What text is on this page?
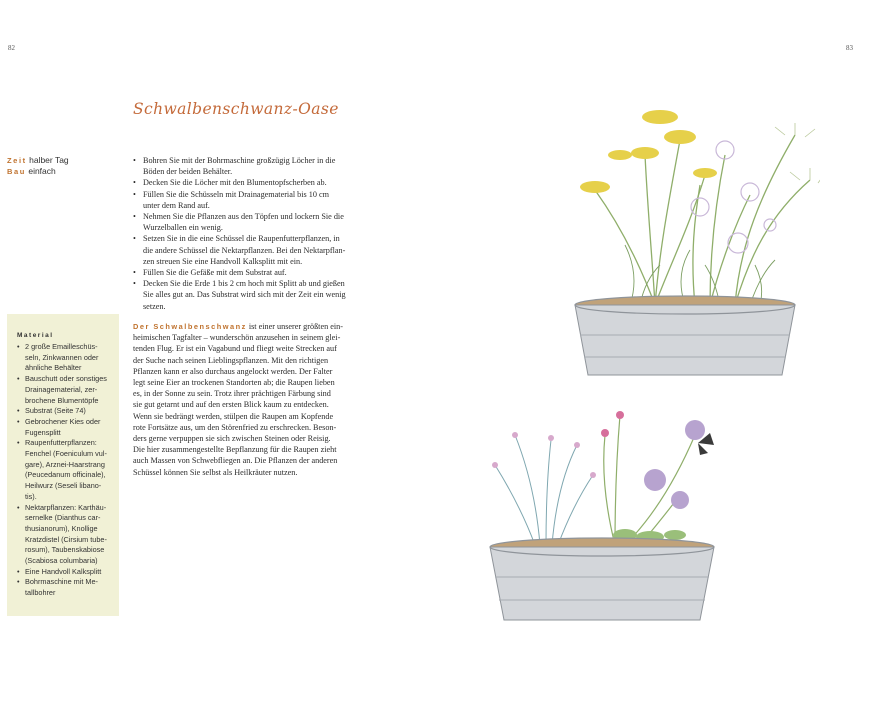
82	83
Schwalbenschwanz-Oase
Zeit halber Tag
Bau einfach
Material
• 2 große Emailleschüs-
seln, Zinkwannen oder
ähnliche Behälter
• Bauschutt oder sonstiges
Drainagematerial, zer-
brochene Blumentöpfe
• Substrat (Seite 74)
• Gebrochener Kies oder
Fugensplitt
• Raupenfutterpflanzen:
Fenchel (Foeniculum vul-
gare), Arznei-Haarstrang
(Peucedanum officinale),
Heilwurz (Seseli libano-
tis).
• Nektarpflanzen: Karthäu-
sernelke (Dianthus car-
thusianorum), Knollige
Kratzdistel (Cirsium tube-
rosum), Taubenskabiose
(Scabiosa columbaria)
• Eine Handvoll Kalksplitt
• Bohrmaschine mit Me-
tallbohrer
• Bohren Sie mit der Bohrmaschine großzügig Löcher in die
Böden der beiden Behälter.
• Decken Sie die Löcher mit den Blumentopfscherben ab.
• Füllen Sie die Schüsseln mit Drainagematerial bis 10 cm
unter dem Rand auf.
• Nehmen Sie die Pflanzen aus den Töpfen und lockern Sie die
Wurzelballen ein wenig.
• Setzen Sie in die eine Schüssel die Raupenfutterpflanzen, in
die andere Schüssel die Nektarpflanzen. Bei den Nektarpflan-
zen streuen Sie eine Handvoll Kalksplitt mit ein.
• Füllen Sie die Gefäße mit dem Substrat auf.
• Decken Sie die Erde 1 bis 2 cm hoch mit Splitt ab und gießen
Sie alles gut an. Das Substrat wird sich mit der Zeit ein wenig
setzen.

Der Schwalbenschwanz ist einer unserer größten ein-
heimischen Tagfalter – wunderschön anzusehen in seinem glei-
tenden Flug. Er ist ein Vagabund und fliegt weite Strecken auf
der Suche nach seinen Lieblingspflanzen. Mit den richtigen
Pflanzen kann er also durchaus angelockt werden. Der Falter
legt seine Eier an trockenen Standorten ab; die Raupen lieben
es, in der Sonne zu sein. Trotz ihrer prächtigen Färbung sind
sie gut getarnt und auf den ersten Blick kaum zu entdecken.
Wenn sie bedrängt werden, stülpen die Raupen am Kopfende
rote Fortsätze aus, um den Störenfried zu erschrecken. Beson-
ders gerne verpuppen sie sich zwischen Steinen oder Reisig.
Die hier zusammengestellte Bepflanzung für die Raupen zieht
auch Massen von Schwebfliegen an. Die Pflanzen der anderen
Schüssel können Sie selbst als Heilkräuter nutzen.
